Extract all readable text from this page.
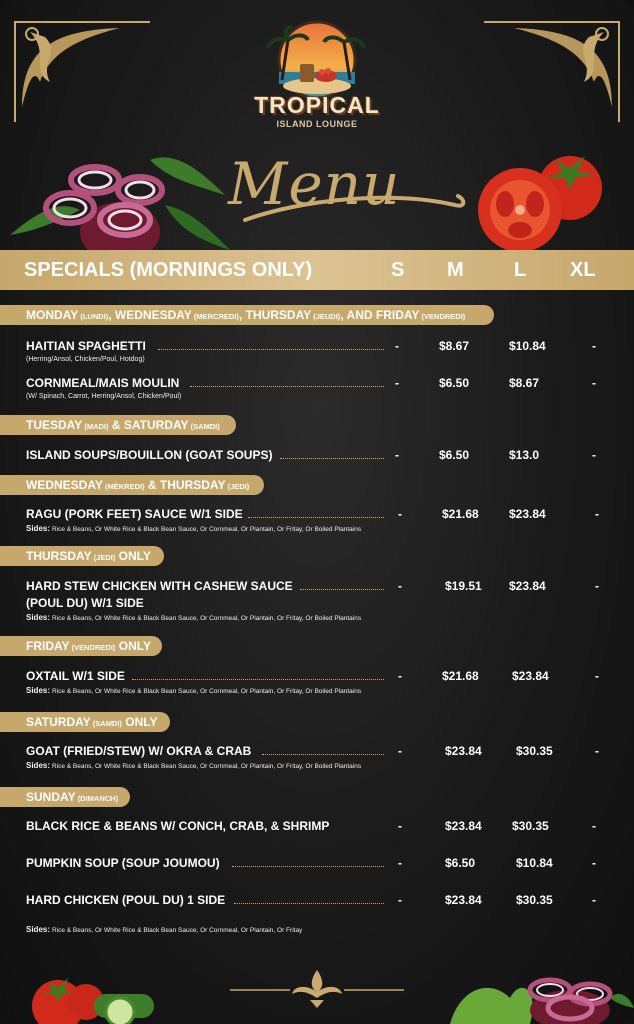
TROPICAL
ISLAND LOUNGE
Menu
SPECIALS (MORNINGS ONLY)	S M	L XL
MONDAY (LUNDI), WEDNESDAY (MERCREDI), THURSDAY (JEUDI), AND FRIDAY (VENDREDI)
HAITIAN SPAGHETTI
(Herring/Ansol, Chicken/Poul, Hotdog)
-	$8.67	$10.84	-
CORNMEAL/MAIS MOULIN
(W/ Spinach, Carrot, Herring/Ansol, Chicken/Poul)
-	$6.50	$8.67	-
TUESDAY (MADI) & SATURDAY (SAMDI)
ISLAND SOUPS/BOUILLON (GOAT SOUPS)	-	$6.50	$13.0	-
WEDNESDAY (MÈKREDI) & THURSDAY (JEDI)
RAGU (PORK FEET) SAUCE W/1 SIDE
Sides: Rice & Beans, Or White Rice & Black Bean Sauce, Or Cornmeal, Or Plantain, Or Fritay, Or Boiled Plantains
-	$21.68	$23.84	-
THURSDAY (JEDI) ONLY
HARD STEW CHICKEN WITH CASHEW SAUCE
(POUL DU) W/1 SIDE
Sides: Rice & Beans, Or White Rice & Black Bean Sauce, Or Cornmeal, Or Plantain, Or Fritay, Or Boiled Plantains
-	$19.51 $23.84	-
FRIDAY (VENDREDI) ONLY
OXTAIL W/1 SIDE
Sides: Rice & Beans, Or White Rice & Black Bean Sauce, Or Cornmeal, Or Plantain, Or Fritay, Or Boiled Plantains
-	$21.68	$23.84	-
SATURDAY (SAMDI) ONLY
GOAT (FRIED/STEW) W/ OKRA & CRAB
Sides: Rice & Beans, Or White Rice & Black Bean Sauce, Or Cornmeal, Or Plantain, Or Fritay, Or Boiled Plantains
-	$23.84	$30.35	-
SUNDAY (DIMANCH)
BLACK RICE & BEANS W/ CONCH, CRAB, & SHRIMP	-	$23.84	$30.35	-
PUMPKIN SOUP (SOUP JOUMOU)	-	$6.50	$10.84	-
HARD CHICKEN (POUL DU) 1 SIDE	-	$23.84	$30.35	-
Sides: Rice & Beans, Or White Rice & Black Bean Sauce, Or Cornmeal, Or Plantain, Or Fritay
